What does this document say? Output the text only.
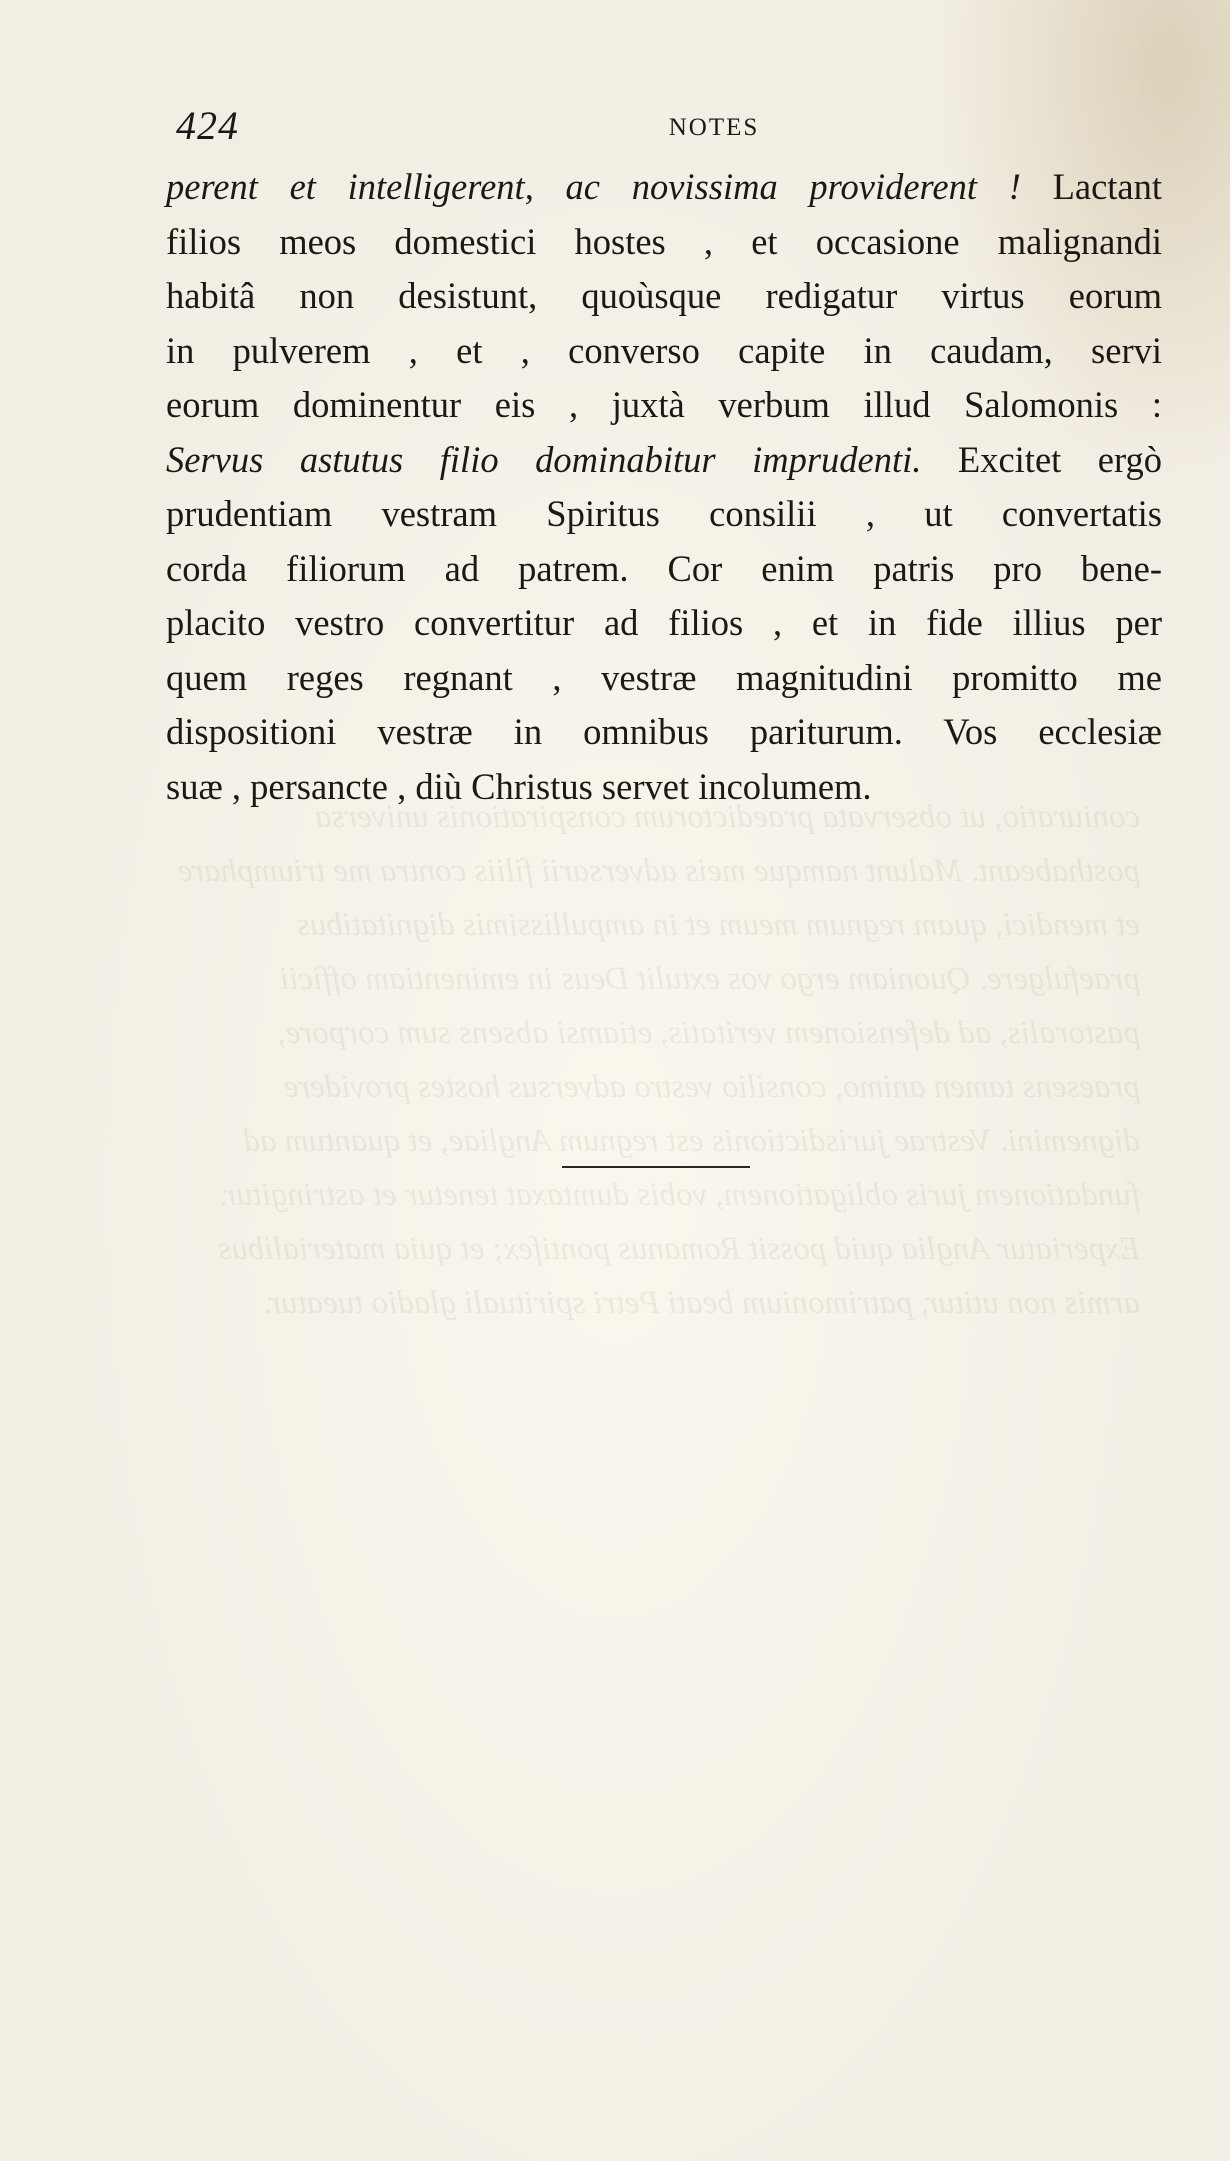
coniuratio, ut observata praedictorum conspirationis universa posthabeant. Malunt namque meis adversarii filiis contra me triumphare et mendici, quam regnum meum et in ampullissimis dignitatibus praefulgere. Quoniam ergo vos extulit Deus in eminentiam officii pastoralis, ad defensionem veritatis, etiamsi absens sum corpore, praesens tamen animo, consilio vestro adversus hostes providere dignemini. Vestrae jurisdictionis est regnum Angliae, et quantum ad fundationem juris obligationem, vobis dumtaxat tenetur et astringitur. Experiatur Anglia quid possit Romanus pontifex; et quia materialibus armis non utitur, patrimonium beati Petri spirituali gladio tueatur.
424	NOTES
perent et intelligerent, ac novissima providerent ! Lactant
filios meos domestici hostes , et occasione malignandi
habitâ non desistunt, quoùsque redigatur virtus eorum
in pulverem , et , converso capite in caudam, servi
eorum dominentur eis , juxtà verbum illud Salomonis :
Servus astutus filio dominabitur imprudenti. Excitet ergò
prudentiam vestram Spiritus consilii , ut convertatis
corda filiorum ad patrem. Cor enim patris pro bene-
placito vestro convertitur ad filios , et in fide illius per
quem reges regnant , vestræ magnitudini promitto me
dispositioni vestræ in omnibus pariturum. Vos ecclesiæ
suæ , persancte , diù Christus servet incolumem.
